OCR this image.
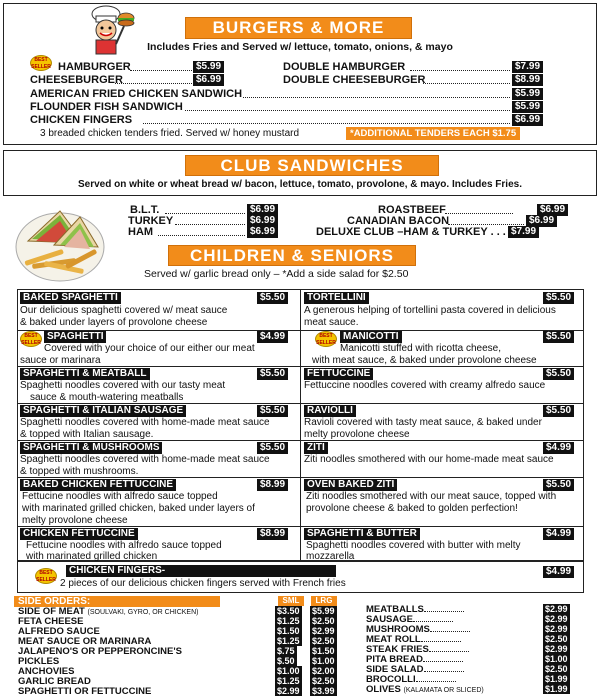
BURGERS & MORE
Includes Fries and Served w/ lettuce, tomato, onions, & mayo
BEST SELLER HAMBURGER	$5.99
CHEESEBURGER	$6.99
DOUBLE HAMBURGER	$7.99
DOUBLE CHEESEBURGER	$8.99
AMERICAN FRIED CHICKEN SANDWICH	$5.99
FLOUNDER FISH SANDWICH	$5.99
CHICKEN FINGERS	$6.99
3 breaded chicken tenders fried. Served w/ honey mustard	*ADDITIONAL TENDERS EACH $1.75
CLUB SANDWICHES
Served on white or wheat bread w/ bacon, lettuce, tomato, provolone, & mayo. Includes Fries.
B.L.T.	$6.99
TURKEY	$6.99
HAM	$6.99
ROASTBEEF	$6.99
CANADIAN BACON	$6.99
DELUXE CLUB –HAM & TURKEY . . . $7.99
CHILDREN & SENIORS
Served w/ garlic bread only – *Add a side salad for $2.50
BAKED SPAGHETTI	$5.50
Our delicious spaghetti covered w/ meat sauce
& baked under layers of provolone cheese
BEST SELLER
SPAGHETTI	$4.99
Covered with your choice of our either our meat
sauce or marinara
SPAGHETTI & MEATBALL	$5.50
Spaghetti noodles covered with our tasty meat
sauce & mouth-watering meatballs
SPAGHETTI & ITALIAN SAUSAGE	$5.50
Spaghetti noodles covered with home-made meat sauce
& topped with Italian sausage.
SPAGHETTI & MUSHROOMS	$5.50
Spaghetti noodles covered with home-made meat sauce
& topped with mushrooms.
BAKED CHICKEN FETTUCCINE	$8.99
Fettucine noodles with alfredo sauce topped
with marinated grilled chicken, baked under layers of
melty provolone cheese
CHICKEN FETTUCCINE	$8.99
Fettucine noodles with alfredo sauce topped
with marinated grilled chicken
TORTELLINI	$5.50
A generous helping of tortellini pasta covered in delicious
meat sauce.
BEST SELLER
MANICOTTI	$5.50
Manicotti stuffed with ricotta cheese,
with meat sauce, & baked under provolone cheese
FETTUCCINE	$5.50
Fettuccine noodles covered with creamy alfredo sauce
RAVIOLLI	$5.50
Ravioli covered with tasty meat sauce, & baked under
melty provolone cheese
ZITI	$4.99
Ziti noodles smothered with our home-made meat sauce
OVEN BAKED ZITI	$5.50
Ziti noodles smothered with our meat sauce, topped with
provolone cheese & baked to golden perfection!
SPAGHETTI & BUTTER	$4.99
Spaghetti noodles covered with butter with melty
mozzarella
BEST SELLER
CHICKEN FINGERS-	$4.99
2 pieces of our delicious chicken fingers served with French fries
SIDE ORDERS:	SML	LRG
SIDE OF MEAT (SOULVAKI, GYRO, OR CHICKEN)	$3.50 $5.99
FETA CHEESE	$1.25 $2.50
ALFREDO SAUCE	$1.50 $2.99
MEAT SAUCE OR MARINARA	$1.25 $2.50
JALAPENO'S OR PEPPERONCINE'S	$.75 $1.50
PICKLES	$.50 $1.00
ANCHOVIES	$1.00 $2.00
GARLIC BREAD	$1.25 $2.50
SPAGHETTI OR FETTUCCINE	$2.99 $3.99
MEATBALLS	$2.99
SAUSAGE	$2.99
MUSHROOMS	$2.99
MEAT ROLL	$2.50
STEAK FRIES	$2.99
PITA BREAD	$1.00
SIDE SALAD	$2.50
BROCOLLI	$1.99
OLIVES (KALAMATA OR SLICED)	$1.99
